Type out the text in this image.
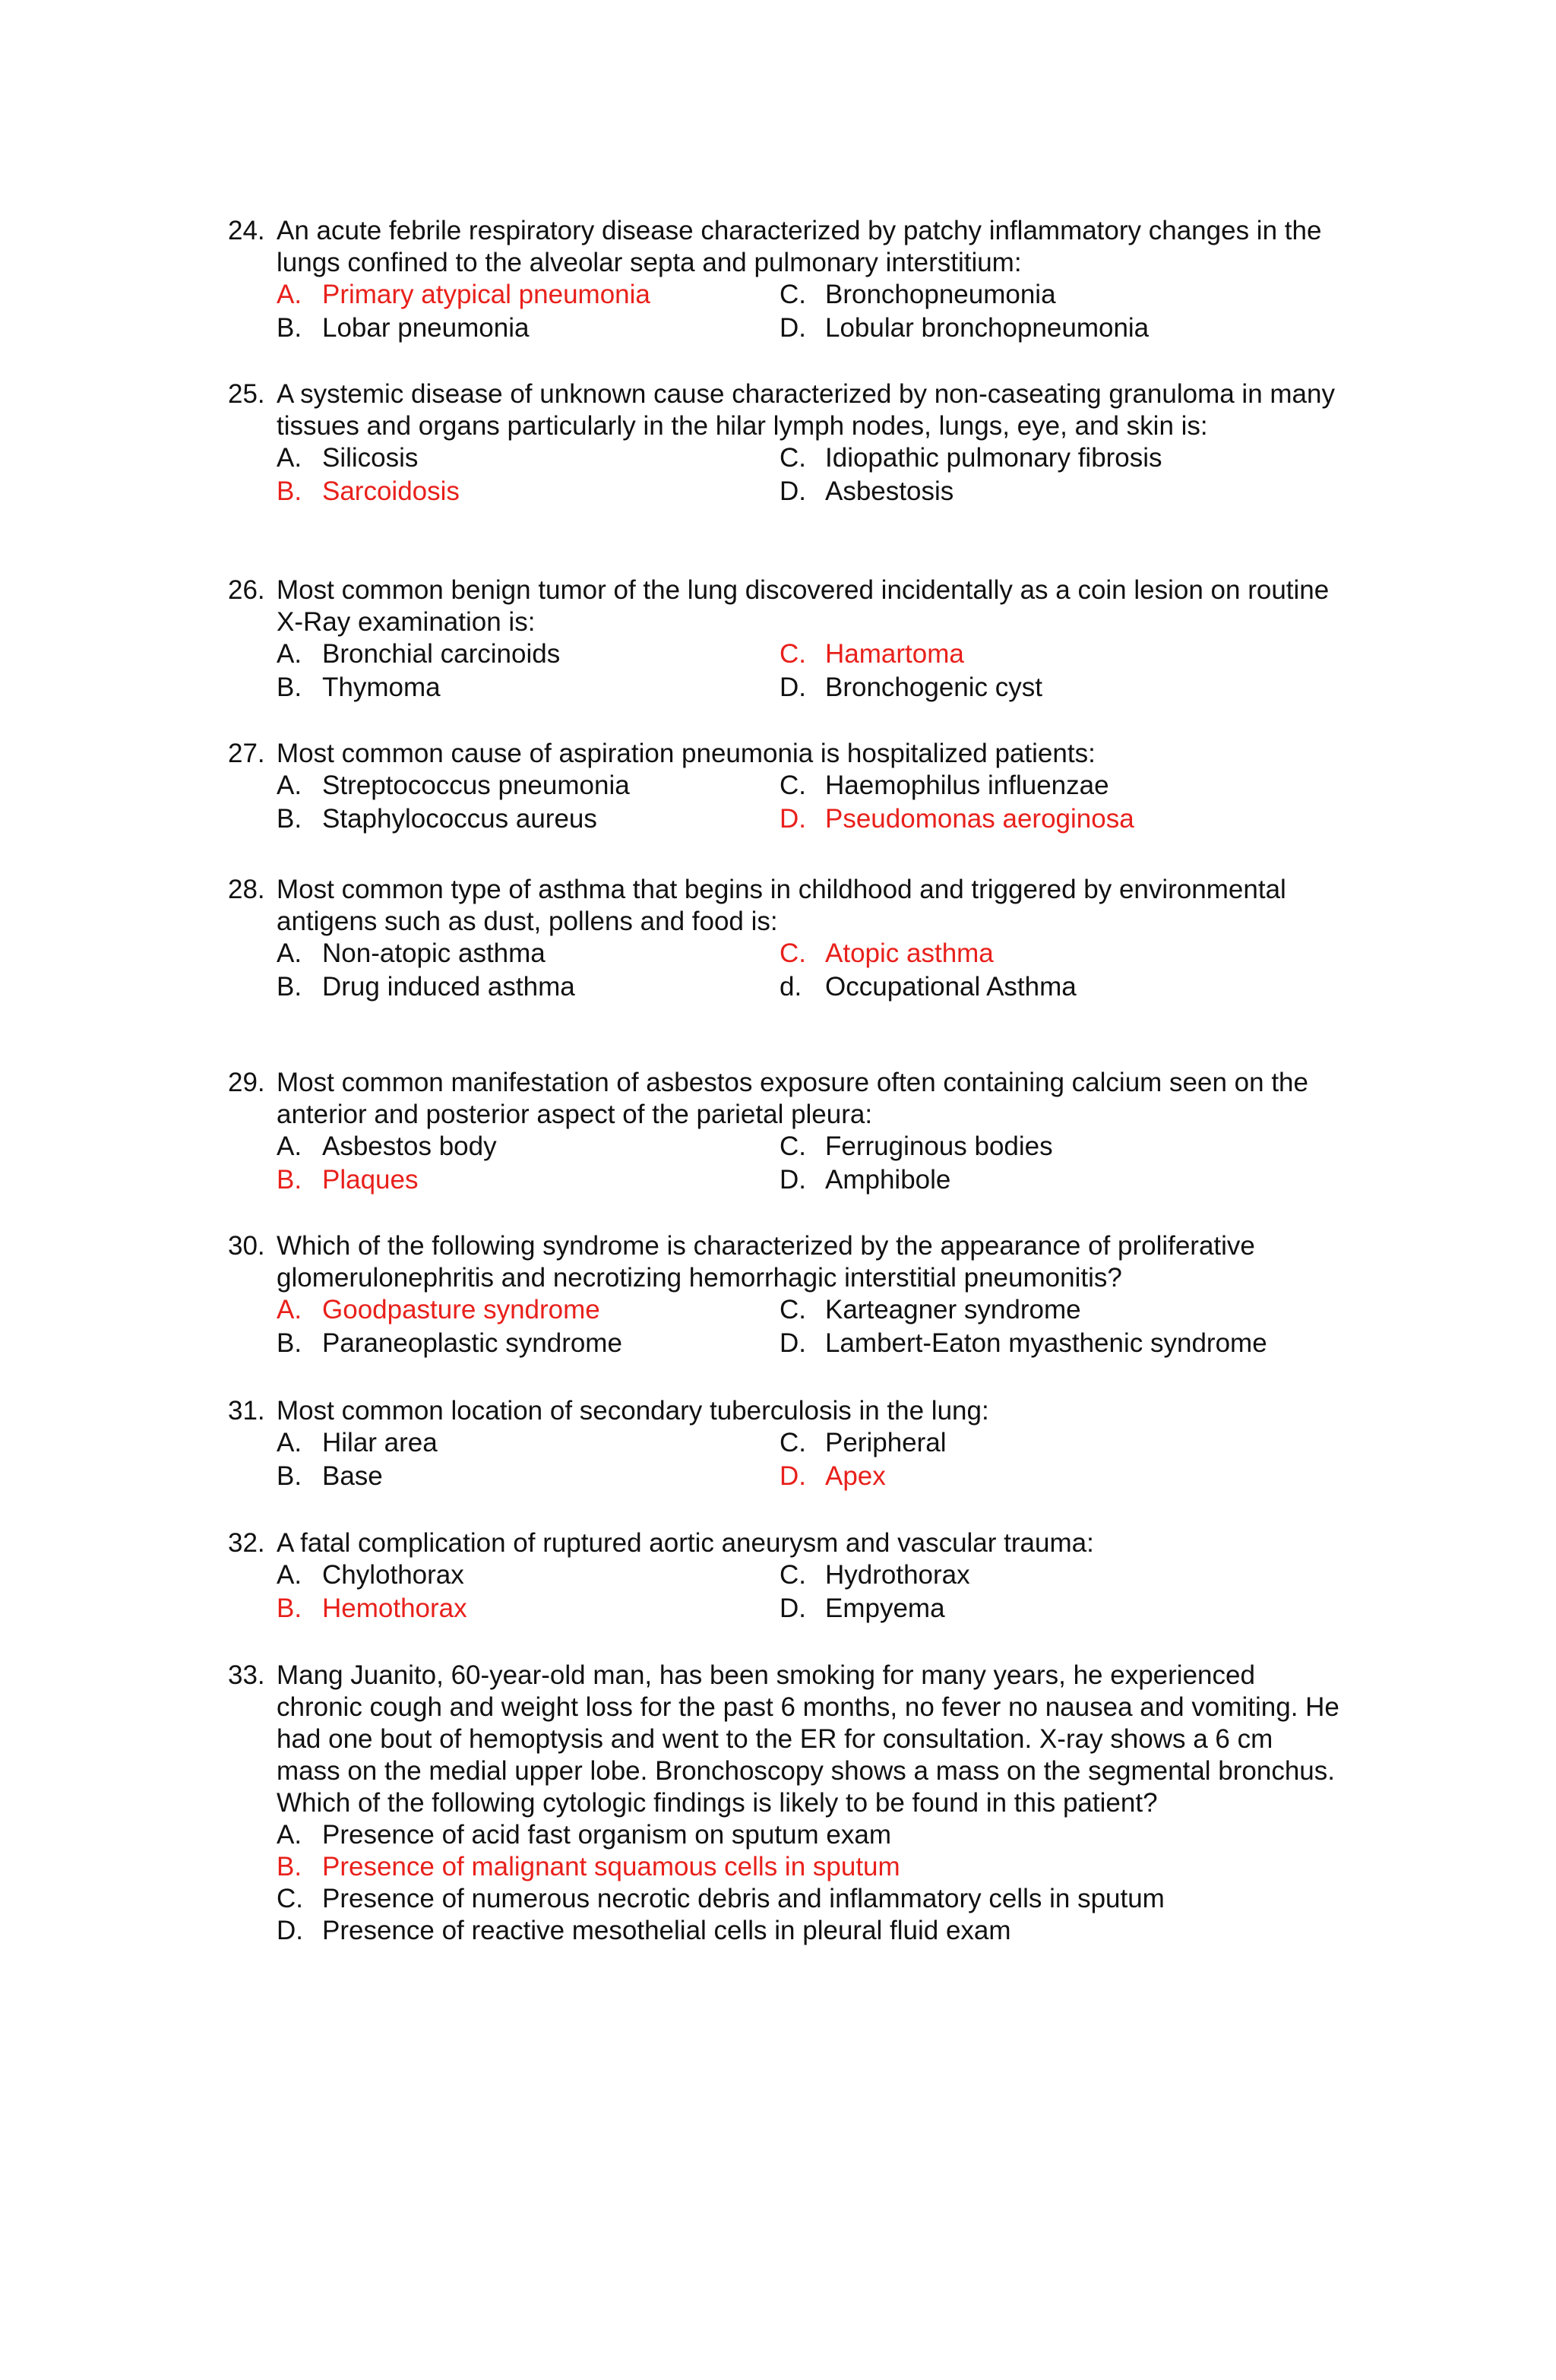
24. An acute febrile respiratory disease characterized by patchy inflammatory changes in the lungs confined to the alveolar septa and pulmonary interstitium:
A. Primary atypical pneumonia	C. Bronchopneumonia
B. Lobar pneumonia	D. Lobular bronchopneumonia
25. A systemic disease of unknown cause characterized by non-caseating granuloma in many tissues and organs particularly in the hilar lymph nodes, lungs, eye, and skin is:
A. Silicosis	C. Idiopathic pulmonary fibrosis
B. Sarcoidosis	D. Asbestosis
26. Most common benign tumor of the lung discovered incidentally as a coin lesion on routine X-Ray examination is:
A. Bronchial carcinoids	C. Hamartoma
B. Thymoma	D. Bronchogenic cyst
27. Most common cause of aspiration pneumonia is hospitalized patients:
A. Streptococcus pneumonia	C. Haemophilus influenzae
B. Staphylococcus aureus	D. Pseudomonas aeroginosa
28. Most common type of asthma that begins in childhood and triggered by environmental antigens such as dust, pollens and food is:
A. Non-atopic asthma	C. Atopic asthma
B. Drug induced asthma	d. Occupational Asthma
29. Most common manifestation of asbestos exposure often containing calcium seen on the anterior and posterior aspect of the parietal pleura:
A. Asbestos body	C. Ferruginous bodies
B. Plaques	D. Amphibole
30. Which of the following syndrome is characterized by the appearance of proliferative glomerulonephritis and necrotizing hemorrhagic interstitial pneumonitis?
A. Goodpasture syndrome	C. Karteagner syndrome
B. Paraneoplastic syndrome	D. Lambert-Eaton myasthenic syndrome
31. Most common location of secondary tuberculosis in the lung:
A. Hilar area	C. Peripheral
B. Base	D. Apex
32. A fatal complication of ruptured aortic aneurysm and vascular trauma:
A. Chylothorax	C. Hydrothorax
B. Hemothorax	D. Empyema
33. Mang Juanito, 60-year-old man, has been smoking for many years, he experienced chronic cough and weight loss for the past 6 months, no fever no nausea and vomiting. He had one bout of hemoptysis and went to the ER for consultation. X-ray shows a 6 cm mass on the medial upper lobe. Bronchoscopy shows a mass on the segmental bronchus. Which of the following cytologic findings is likely to be found in this patient?
A. Presence of acid fast organism on sputum exam
B. Presence of malignant squamous cells in sputum
C. Presence of numerous necrotic debris and inflammatory cells in sputum
D. Presence of reactive mesothelial cells in pleural fluid exam
